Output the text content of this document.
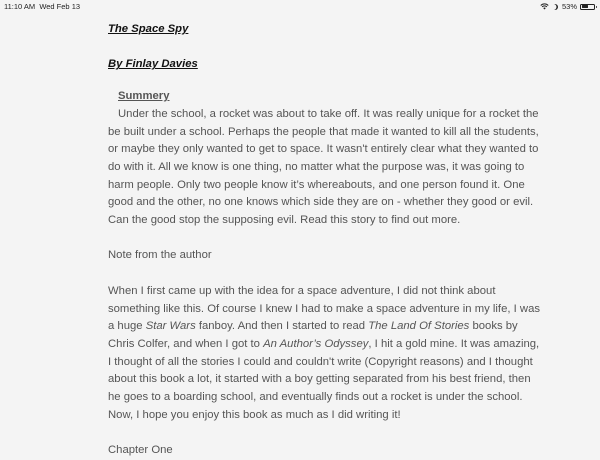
11:10 AM Wed Feb 13	53%

The Space Spy

By Finlay Davies

Summery

Under the school, a rocket was about to take off. It was really unique for a rocket the be built under a school. Perhaps the people that made it wanted to kill all the students, or maybe they only wanted to get to space. It wasn't entirely clear what they wanted to do with it. All we know is one thing, no matter what the purpose was, it was going to harm people. Only two people know it’s whereabouts, and one person found it. One good and the other, no one knows which side they are on - whether they good or evil. Can the good stop the supposing evil. Read this story to find out more.

Note from the author

When I first came up with the idea for a space adventure, I did not think about something like this. Of course I knew I had to make a space adventure in my life, I was a huge Star Wars fanboy. And then I started to read The Land Of Stories books by Chris Colfer, and when I got to An Author’s Odyssey, I hit a gold mine. It was amazing, I thought of all the stories I could and couldn't write (Copyright reasons) and I thought about this book a lot, it started with a boy getting separated from his best friend, then he goes to a boarding school, and eventually finds out a rocket is under the school. Now, I hope you enjoy this book as much as I did writing it!

Chapter One
